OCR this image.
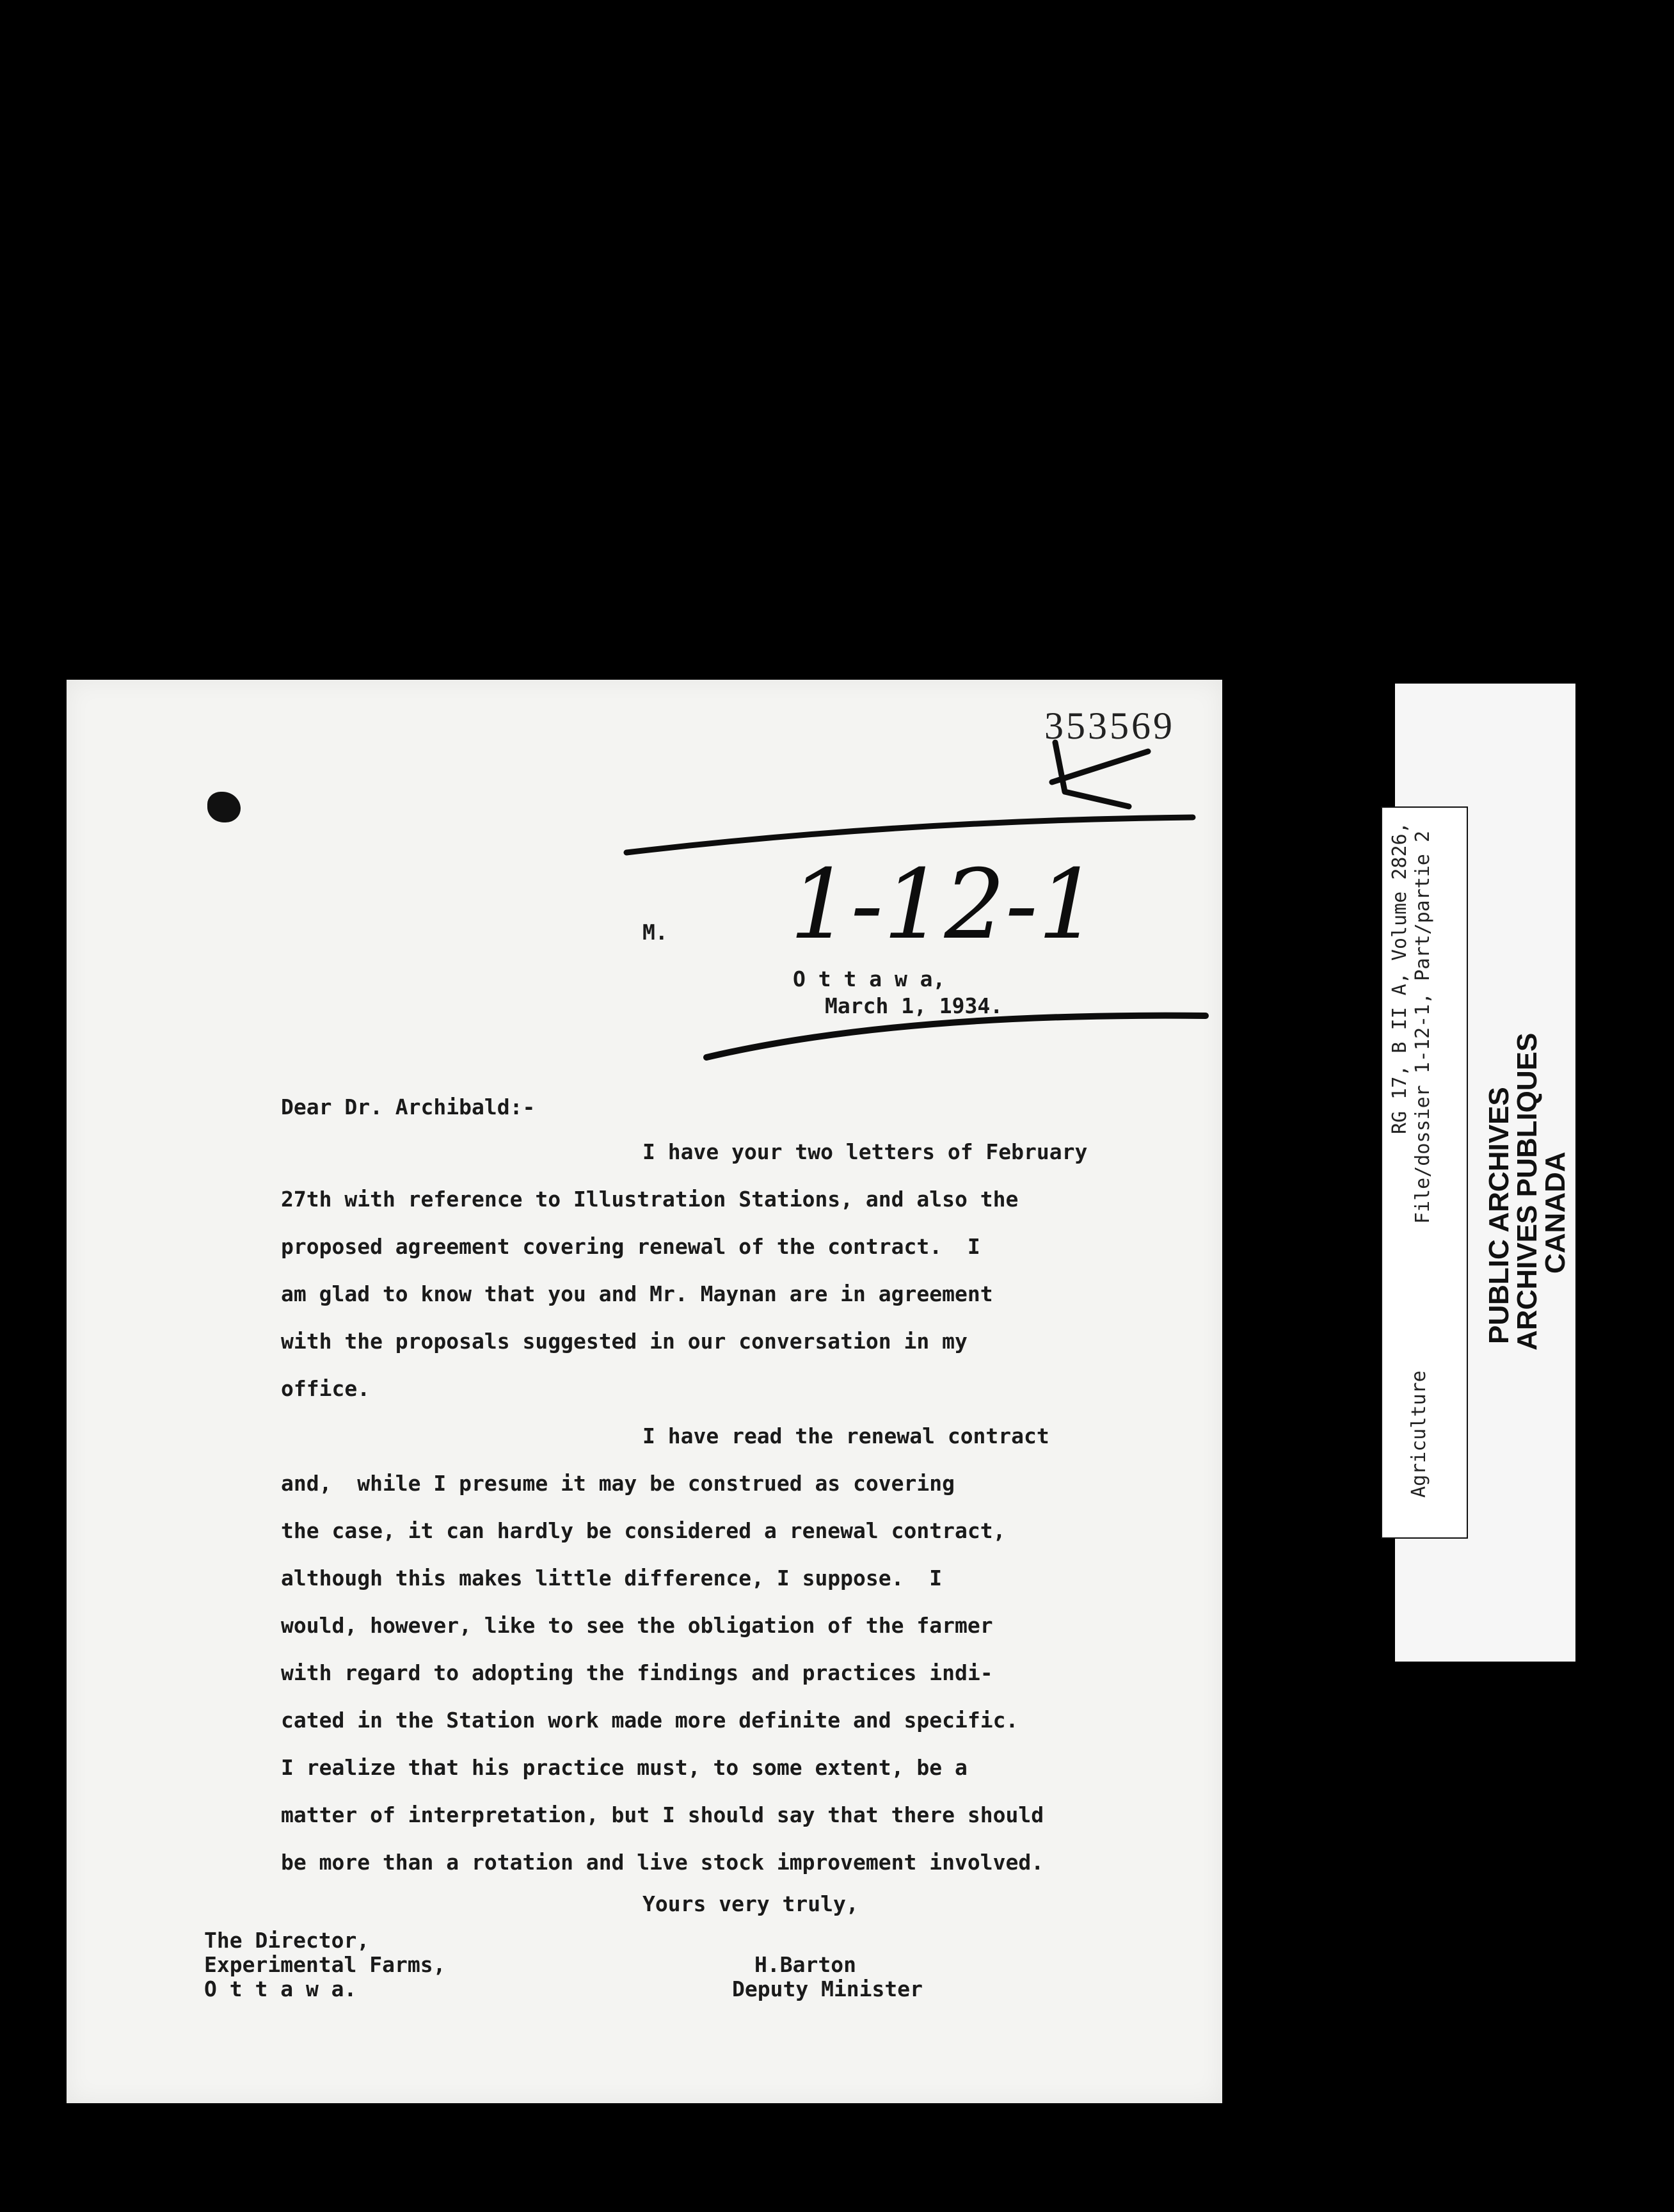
353569
1-12-1
M.
O t t a w a,
March 1, 1934.
Dear Dr. Archibald:-

I have your two letters of February

27th with reference to Illustration Stations, and also the

proposed agreement covering renewal of the contract.  I

am glad to know that you and Mr. Maynan are in agreement

with the proposals suggested in our conversation in my

office.

I have read the renewal contract

and,  while I presume it may be construed as covering

the case, it can hardly be considered a renewal contract,

although this makes little difference, I suppose.  I

would, however, like to see the obligation of the farmer

with regard to adopting the findings and practices indi-

cated in the Station work made more definite and specific.

I realize that his practice must, to some extent, be a

matter of interpretation, but I should say that there should

be more than a rotation and live stock improvement involved.

Yours very truly,
The Director,
Experimental Farms,
O t t a w a.
H.Barton
Deputy Minister
Agriculture
RG 17, B II A, Volume 2826, File/dossier 1-12-1, Part/partie 2 PUBLIC ARCHIVES
ARCHIVES PUBLIQUES
CANADA
